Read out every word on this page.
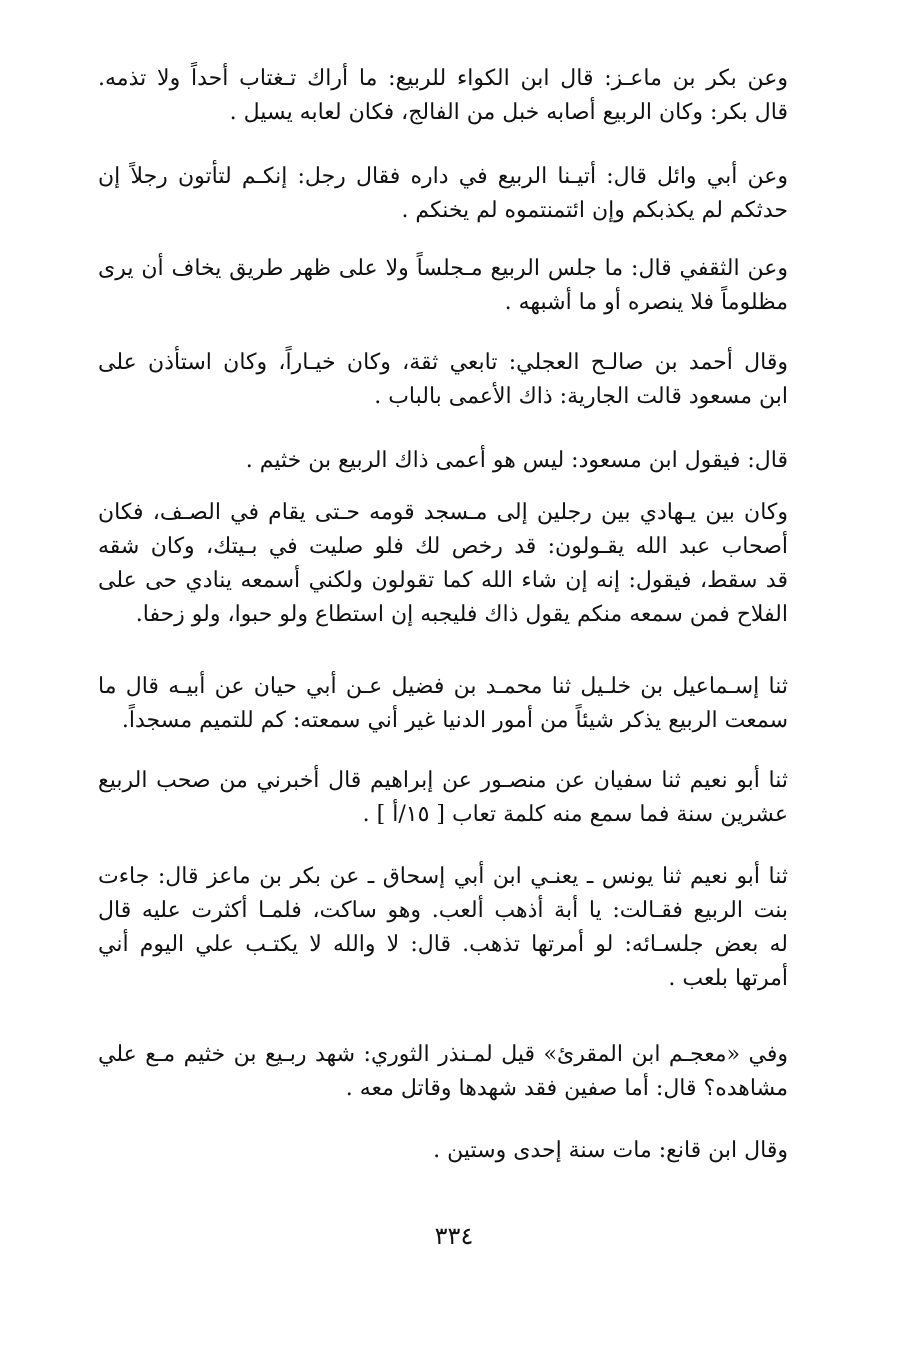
وعن بكر بن ماعـز: قال ابن الكواء للربيع: ما أراك تـغتاب أحداً ولا تذمه.
قال بكر: وكان الربيع أصابه خبل من الفالج، فكان لعابه يسيل .
وعن أبي وائل قال: أتيـنا الربيع في داره فقال رجل: إنكـم لتأتون رجلاً إن
حدثكم لم يكذبكم وإن ائتمنتموه لم يخنكم .
وعن الثقفي قال: ما جلس الربيع مـجلساً ولا على ظهر طريق يخاف أن يرى
مظلوماً فلا ينصره أو ما أشبهه .
وقال أحمد بن صالـح العجلي: تابعي ثقة، وكان خيـاراً، وكان استأذن على
ابن مسعود قالت الجارية: ذاك الأعمى بالباب .
قال: فيقول ابن مسعود: ليس هو أعمى ذاك الربيع بن خثيم .
وكان بين يـهادي بين رجلين إلى مـسجد قومه حـتى يقام في الصـف، فكان
أصحاب عبد الله يقـولون: قد رخص لك فلو صليت في بـيتك، وكان شقه
قد سقط، فيقول: إنه إن شاء الله كما تقولون ولكني أسمعه ينادي حى على
الفلاح فمن سمعه منكم يقول ذاك فليجبه إن استطاع ولو حبوا، ولو زحفا.
ثنا إسـماعيل بن خلـيل ثنا محمـد بن فضيل عـن أبي حيان عن أبيـه قال ما
سمعت الربيع يذكر شيئاً من أمور الدنيا غير أني سمعته: كم للتميم مسجداً.
ثنا أبو نعيم ثنا سفيان عن منصـور عن إبراهيم قال أخبرني من صحب الربيع
عشرين سنة فما سمع منه كلمة تعاب [ ١٥/أ ] .
ثنا أبو نعيم ثنا يونس ـ يعنـي ابن أبي إسحاق ـ عن بكر بن ماعز قال: جاءت
بنت الربيع فقـالت: يا أبة أذهب ألعب. وهو ساكت، فلمـا أكثرت عليه قال
له بعض جلسـائه: لو أمرتها تذهب. قال: لا والله لا يكتـب علي اليوم أني
أمرتها بلعب .
وفي «معجـم ابن المقرئ» قيل لمـنذر الثوري: شهد ربـيع بن خثيم مـع علي
مشاهده؟ قال: أما صفين فقد شهدها وقاتل معه .
وقال ابن قانع: مات سنة إحدى وستين .
٣٣٤
